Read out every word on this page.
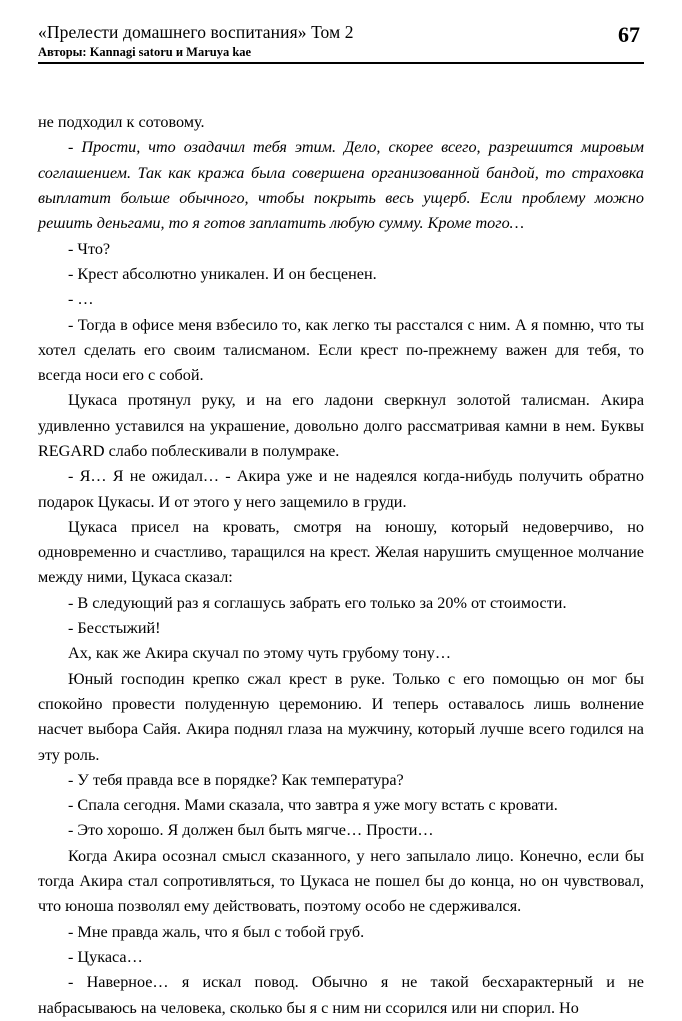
«Прелести домашнего воспитания» Том 2
Авторы: Kannagi satoru и Maruya kae
67

не подходил к сотовому.

- Прости, что озадачил тебя этим. Дело, скорее всего, разрешится мировым соглашением. Так как кража была совершена организованной бандой, то страховка выплатит больше обычного, чтобы покрыть весь ущерб. Если проблему можно решить деньгами, то я готов заплатить любую сумму. Кроме того…

- Что?

- Крест абсолютно уникален. И он бесценен.

- …

- Тогда в офисе меня взбесило то, как легко ты расстался с ним. А я помню, что ты хотел сделать его своим талисманом. Если крест по-прежнему важен для тебя, то всегда носи его с собой.

Цукаса протянул руку, и на его ладони сверкнул золотой талисман. Акира удивленно уставился на украшение, довольно долго рассматривая камни в нем. Буквы REGARD слабо поблескивали в полумраке.

- Я… Я не ожидал… - Акира уже и не надеялся когда-нибудь получить обратно подарок Цукасы. И от этого у него защемило в груди.

Цукаса присел на кровать, смотря на юношу, который недоверчиво, но одновременно и счастливо, таращился на крест. Желая нарушить смущенное молчание между ними, Цукаса сказал:

- В следующий раз я соглашусь забрать его только за 20% от стоимости.

- Бесстыжий!

Ах, как же Акира скучал по этому чуть грубому тону…

Юный господин крепко сжал крест в руке. Только с его помощью он мог бы спокойно провести полуденную церемонию. И теперь оставалось лишь волнение насчет выбора Сайя. Акира поднял глаза на мужчину, который лучше всего годился на эту роль.

- У тебя правда все в порядке? Как температура?

- Спала сегодня. Мами сказала, что завтра я уже могу встать с кровати.

- Это хорошо. Я должен был быть мягче… Прости…

Когда Акира осознал смысл сказанного, у него запылало лицо. Конечно, если бы тогда Акира стал сопротивляться, то Цукаса не пошел бы до конца, но он чувствовал, что юноша позволял ему действовать, поэтому особо не сдерживался.

- Мне правда жаль, что я был с тобой груб.

- Цукаса…

- Наверное… я искал повод. Обычно я не такой бесхарактерный и не набрасываюсь на человека, сколько бы я с ним ни ссорился или ни спорил. Но
